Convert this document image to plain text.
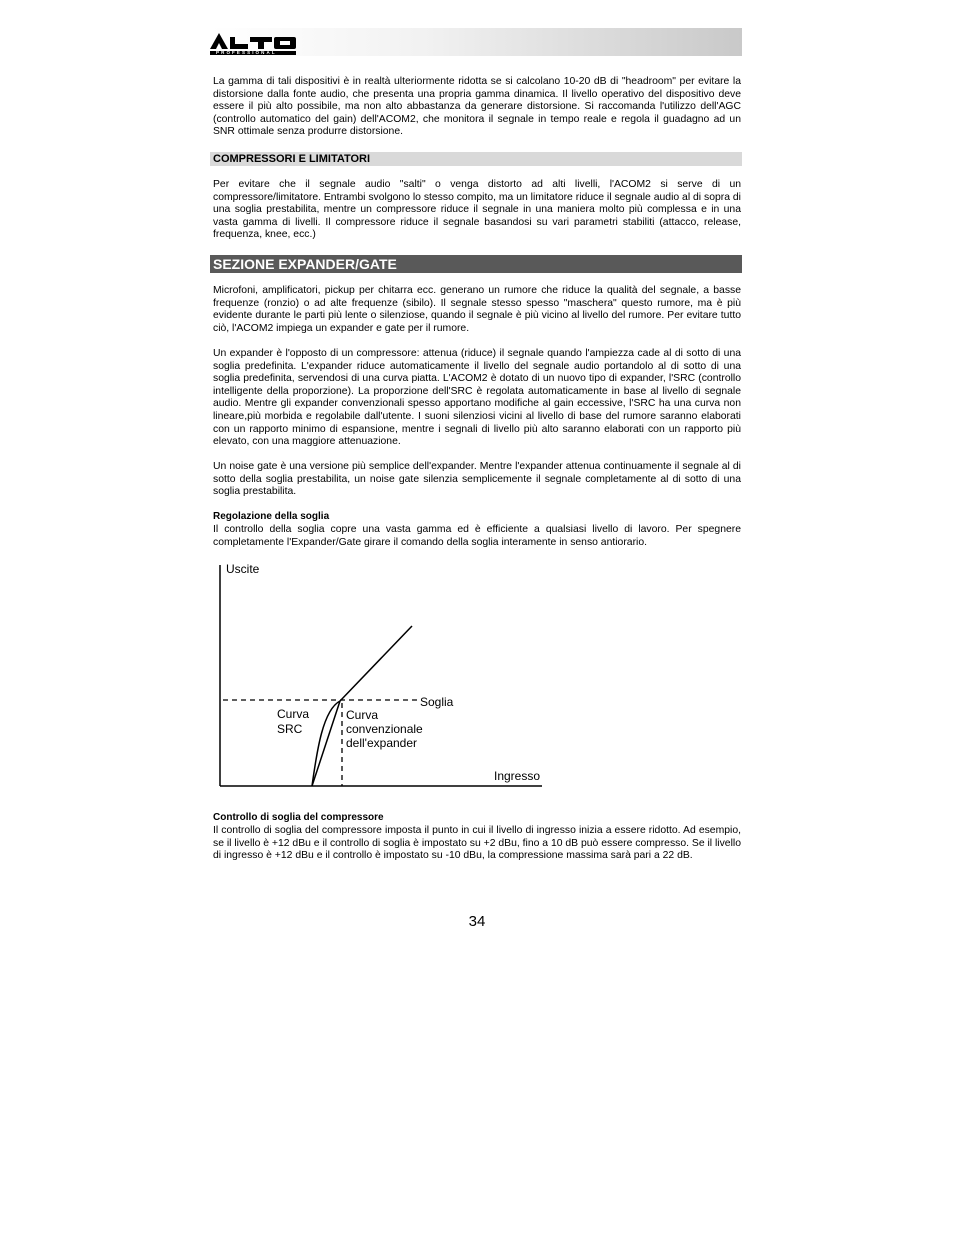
PROFESSIONAL

La gamma di tali dispositivi è in realtà ulteriormente ridotta se si calcolano 10-20 dB di "headroom" per evitare la distorsione dalla fonte audio, che presenta una propria gamma dinamica. Il livello operativo del dispositivo deve essere il più alto possibile, ma non alto abbastanza da generare distorsione. Si raccomanda l'utilizzo dell'AGC (controllo automatico del gain) dell'ACOM2, che monitora il segnale in tempo reale e regola il guadagno ad un SNR ottimale senza produrre distorsione.

COMPRESSORI E LIMITATORI

Per evitare che il segnale audio "salti" o venga distorto ad alti livelli, l'ACOM2 si serve di un compressore/limitatore. Entrambi svolgono lo stesso compito, ma un limitatore riduce il segnale audio al di sopra di una soglia prestabilita, mentre un compressore riduce il segnale in una maniera molto più complessa e in una vasta gamma di livelli. Il compressore riduce il segnale basandosi su vari parametri stabiliti (attacco, release, frequenza, knee, ecc.)

SEZIONE EXPANDER/GATE

Microfoni, amplificatori, pickup per chitarra ecc. generano un rumore che riduce la qualità del segnale, a basse frequenze (ronzio) o ad alte frequenze (sibilo). Il segnale stesso spesso "maschera" questo rumore, ma è più evidente durante le parti più lente o silenziose, quando il segnale è più vicino al livello del rumore. Per evitare tutto ciò, l'ACOM2 impiega un expander e gate per il rumore.

Un expander è l'opposto di un compressore: attenua (riduce) il segnale quando l'ampiezza cade al di sotto di una soglia predefinita. L'expander riduce automaticamente il livello del segnale audio portandolo al di sotto di una soglia predefinita, servendosi di una curva piatta. L'ACOM2 è dotato di un nuovo tipo di expander, l'SRC (controllo intelligente della proporzione). La proporzione dell'SRC è regolata automaticamente in base al livello di segnale audio. Mentre gli expander convenzionali spesso apportano modifiche al gain eccessive, l'SRC ha una curva non lineare,più morbida e regolabile dall'utente. I suoni silenziosi vicini al livello di base del rumore saranno elaborati con un rapporto minimo di espansione, mentre i segnali di livello più alto saranno elaborati con un rapporto più elevato, con una maggiore attenuazione.

Un noise gate è una versione più semplice dell'expander. Mentre l'expander attenua continuamente il segnale al di sotto della soglia prestabilita, un noise gate silenzia semplicemente il segnale completamente al di sotto di una soglia prestabilita.

Regolazione della soglia

Il controllo della soglia copre una vasta gamma ed è efficiente a qualsiasi livello di lavoro. Per spegnere completamente l'Expander/Gate girare il comando della soglia interamente in senso antiorario.

Uscite
Ingresso
Soglia
Curva
SRC
Curva
convenzionale
dell'expander
Controllo di soglia del compressore

Il controllo di soglia del compressore imposta il punto in cui il livello di ingresso inizia a essere ridotto. Ad esempio, se il livello è +12 dBu e il controllo di soglia è impostato su +2 dBu, fino a 10 dB può essere compresso. Se il livello di ingresso è +12 dBu e il controllo è impostato su -10 dBu, la compressione massima sarà pari a 22 dB.

34
